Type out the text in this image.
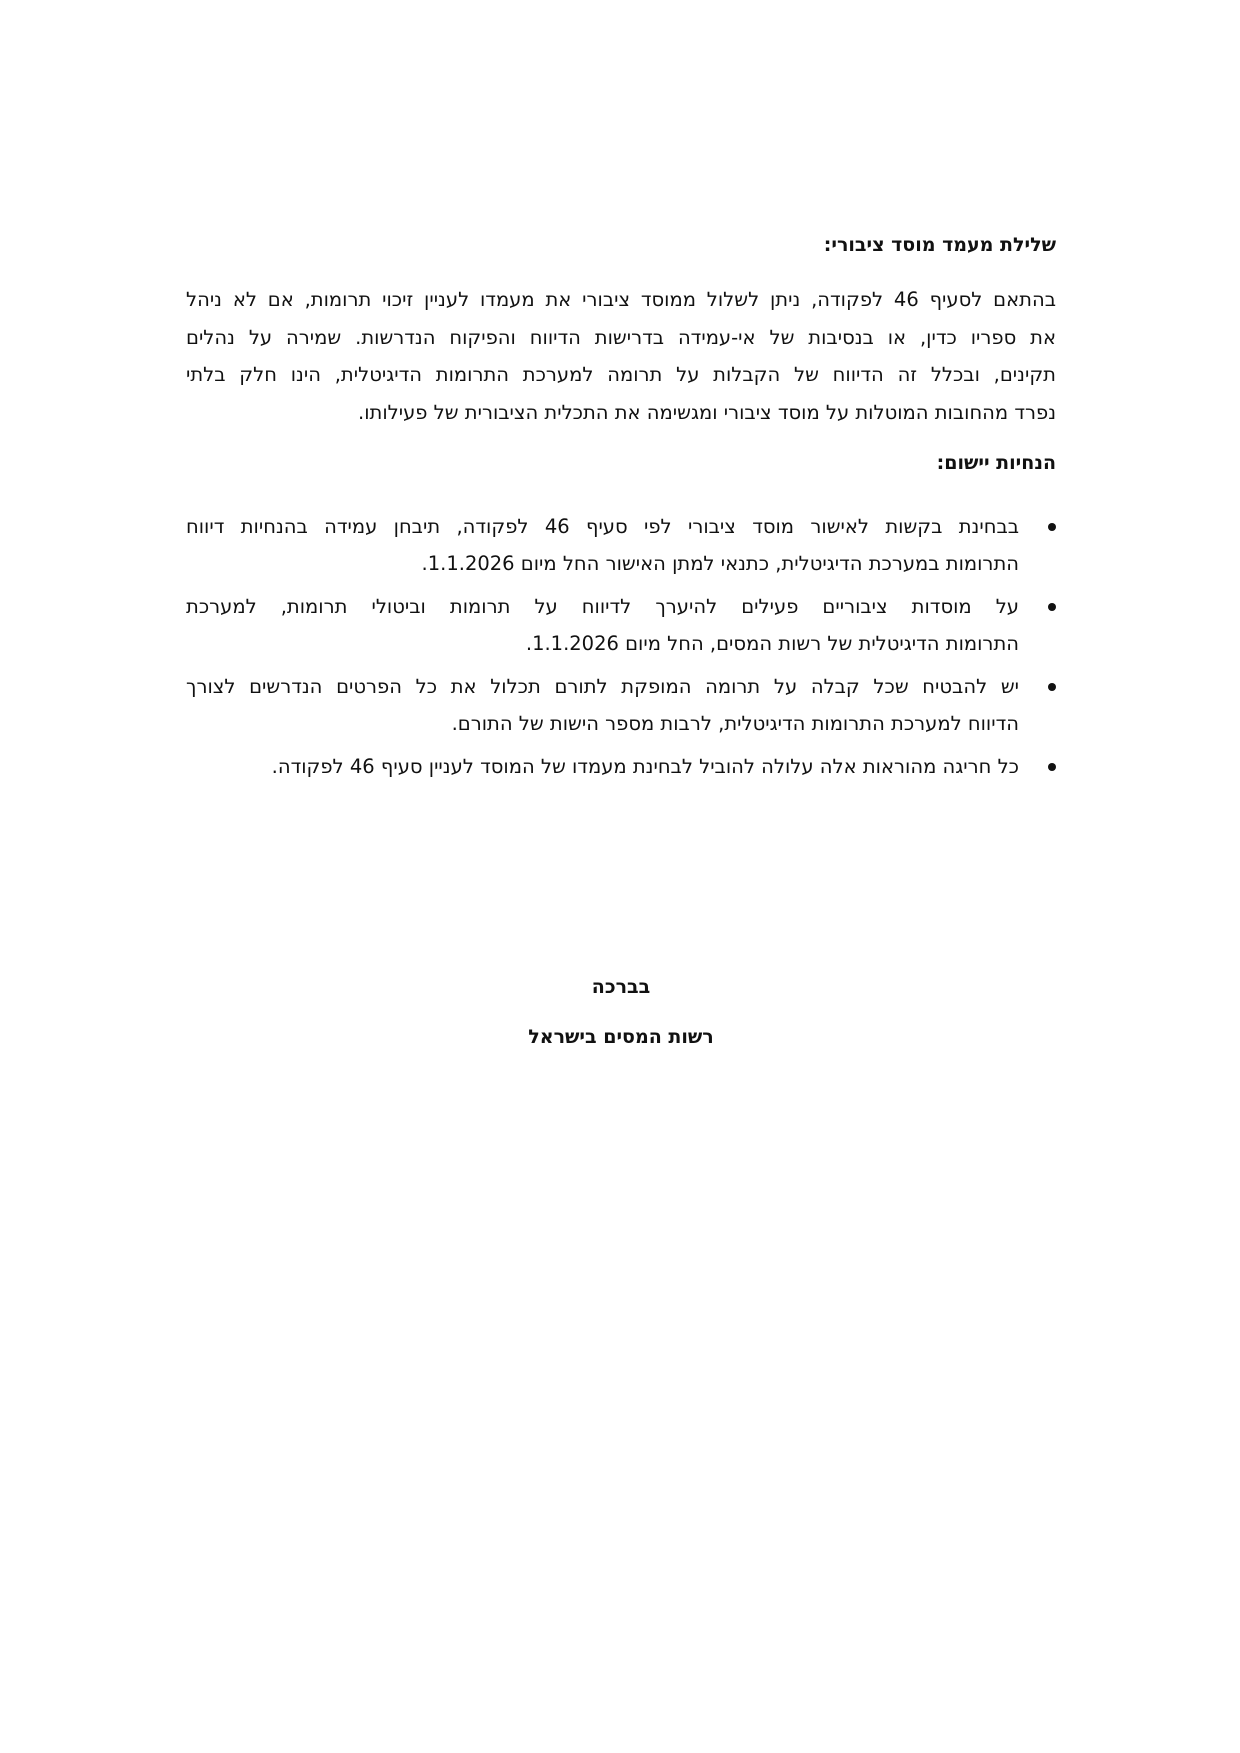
שלילת מעמד מוסד ציבורי:
בהתאם לסעיף 46 לפקודה, ניתן לשלול ממוסד ציבורי את מעמדו לעניין זיכוי תרומות, אם לא ניהל
את ספריו כדין, או בנסיבות של אי-עמידה בדרישות הדיווח והפיקוח הנדרשות. שמירה על נהלים
תקינים, ובכלל זה הדיווח של הקבלות על תרומה למערכת התרומות הדיגיטלית, הינו חלק בלתי
נפרד מהחובות המוטלות על מוסד ציבורי ומגשימה את התכלית הציבורית של פעילותו.
הנחיות יישום:
בבחינת בקשות לאישור מוסד ציבורי לפי סעיף 46 לפקודה, תיבחן עמידה בהנחיות דיווח
התרומות במערכת הדיגיטלית, כתנאי למתן האישור החל מיום 1.1.2026.
על מוסדות ציבוריים פעילים להיערך לדיווח על תרומות וביטולי תרומות, למערכת
התרומות הדיגיטלית של רשות המסים, החל מיום 1.1.2026.
יש להבטיח שכל קבלה על תרומה המופקת לתורם תכלול את כל הפרטים הנדרשים לצורך
הדיווח למערכת התרומות הדיגיטלית, לרבות מספר הישות של התורם.
כל חריגה מהוראות אלה עלולה להוביל לבחינת מעמדו של המוסד לעניין סעיף 46 לפקודה.

בברכה

רשות המסים בישראל
